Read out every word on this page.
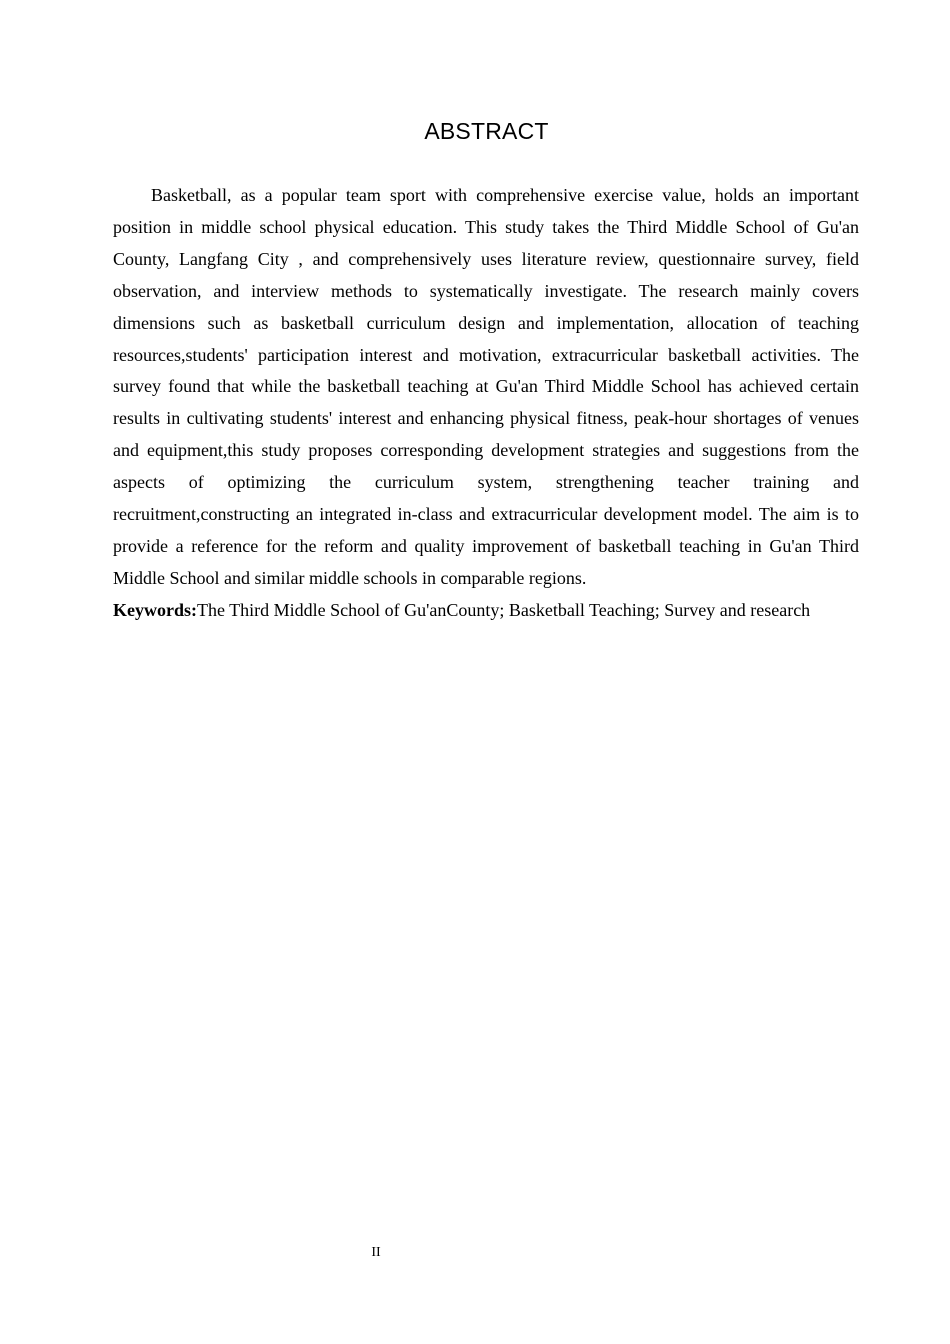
ABSTRACT

Basketball, as a popular team sport with comprehensive exercise value, holds an important position in middle school physical education. This study takes the Third Middle School of Gu'an County, Langfang City , and comprehensively uses literature review, questionnaire survey, field observation, and interview methods to systematically investigate. The research mainly covers dimensions such as basketball curriculum design and implementation, allocation of teaching resources,students' participation interest and motivation, extracurricular basketball activities. The survey found that while the basketball teaching at Gu'an Third Middle School has achieved certain results in cultivating students' interest and enhancing physical fitness, peak-hour shortages of venues and equipment,this study proposes corresponding development strategies and suggestions from the aspects of optimizing the curriculum system, strengthening teacher training and recruitment,constructing an integrated in-class and extracurricular development model. The aim is to provide a reference for the reform and quality improvement of basketball teaching in Gu'an Third Middle School and similar middle schools in comparable regions.

Keywords:The Third Middle School of Gu'anCounty; Basketball Teaching; Survey and research

II
